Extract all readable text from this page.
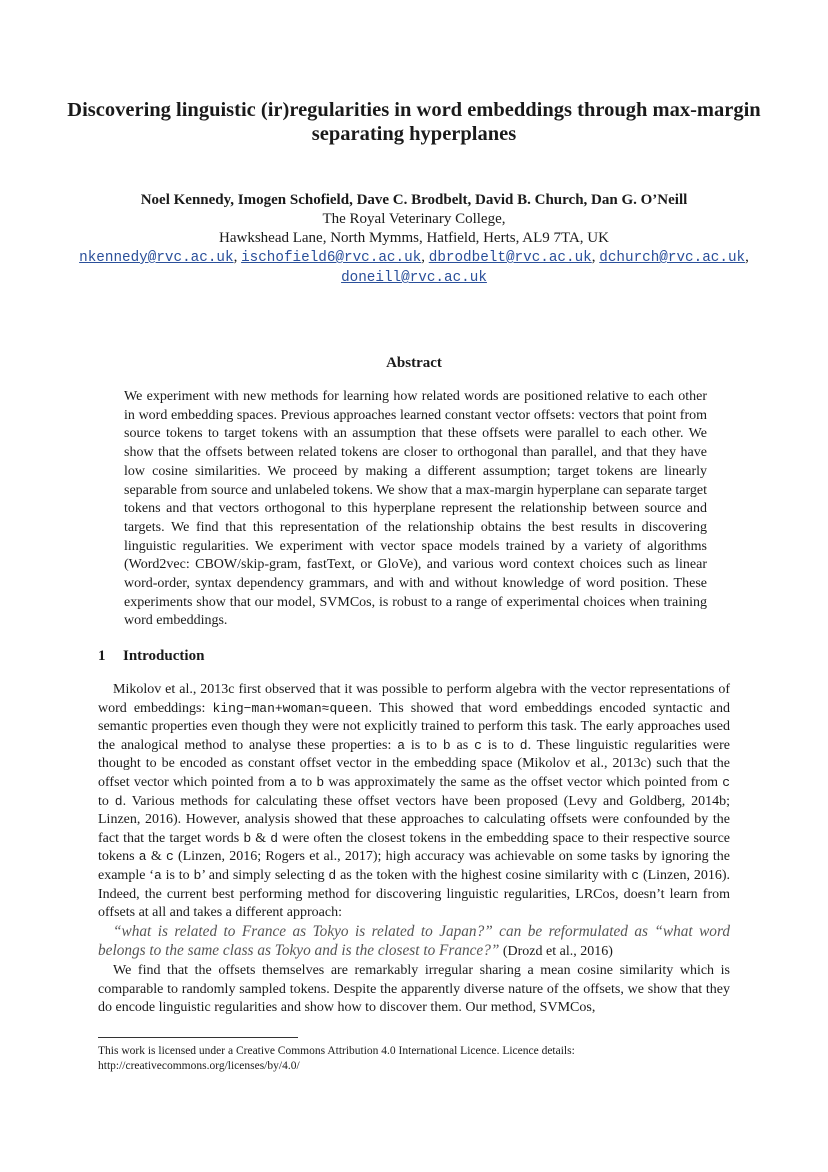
Discovering linguistic (ir)regularities in word embeddings through max-margin separating hyperplanes
Noel Kennedy, Imogen Schofield, Dave C. Brodbelt, David B. Church, Dan G. O’Neill
The Royal Veterinary College,
Hawkshead Lane, North Mymms, Hatfield, Herts, AL9 7TA, UK
nkennedy@rvc.ac.uk, ischofield6@rvc.ac.uk, dbrodbelt@rvc.ac.uk, dchurch@rvc.ac.uk,
doneill@rvc.ac.uk
Abstract

We experiment with new methods for learning how related words are positioned relative to each other in word embedding spaces. Previous approaches learned constant vector offsets: vectors that point from source tokens to target tokens with an assumption that these offsets were parallel to each other. We show that the offsets between related tokens are closer to orthogonal than parallel, and that they have low cosine similarities. We proceed by making a different assumption; target tokens are linearly separable from source and unlabeled tokens. We show that a max-margin hyperplane can separate target tokens and that vectors orthogonal to this hyperplane represent the relationship between source and targets. We find that this representation of the relationship obtains the best results in discovering linguistic regularities. We experiment with vector space models trained by a variety of algorithms (Word2vec: CBOW/skip-gram, fastText, or GloVe), and various word context choices such as linear word-order, syntax dependency grammars, and with and without knowledge of word position. These experiments show that our model, SVMCos, is robust to a range of experimental choices when training word embeddings.

1 Introduction

Mikolov et al., 2013c first observed that it was possible to perform algebra with the vector representations of word embeddings: king−man+woman≈queen. This showed that word embeddings encoded syntactic and semantic properties even though they were not explicitly trained to perform this task. The early approaches used the analogical method to analyse these properties: a is to b as c is to d. These linguistic regularities were thought to be encoded as constant offset vector in the embedding space (Mikolov et al., 2013c) such that the offset vector which pointed from a to b was approximately the same as the offset vector which pointed from c to d. Various methods for calculating these offset vectors have been proposed (Levy and Goldberg, 2014b; Linzen, 2016). However, analysis showed that these approaches to calculating offsets were confounded by the fact that the target words b & d were often the closest tokens in the embedding space to their respective source tokens a & c (Linzen, 2016; Rogers et al., 2017); high accuracy was achievable on some tasks by ignoring the example ‘a is to b’ and simply selecting d as the token with the highest cosine similarity with c (Linzen, 2016). Indeed, the current best performing method for discovering linguistic regularities, LRCos, doesn’t learn from offsets at all and takes a different approach:

“what is related to France as Tokyo is related to Japan?” can be reformulated as “what word belongs to the same class as Tokyo and is the closest to France?” (Drozd et al., 2016)

We find that the offsets themselves are remarkably irregular sharing a mean cosine similarity which is comparable to randomly sampled tokens. Despite the apparently diverse nature of the offsets, we show that they do encode linguistic regularities and show how to discover them. Our method, SVMCos,

This work is licensed under a Creative Commons Attribution 4.0 International Licence. Licence details:
http://creativecommons.org/licenses/by/4.0/
